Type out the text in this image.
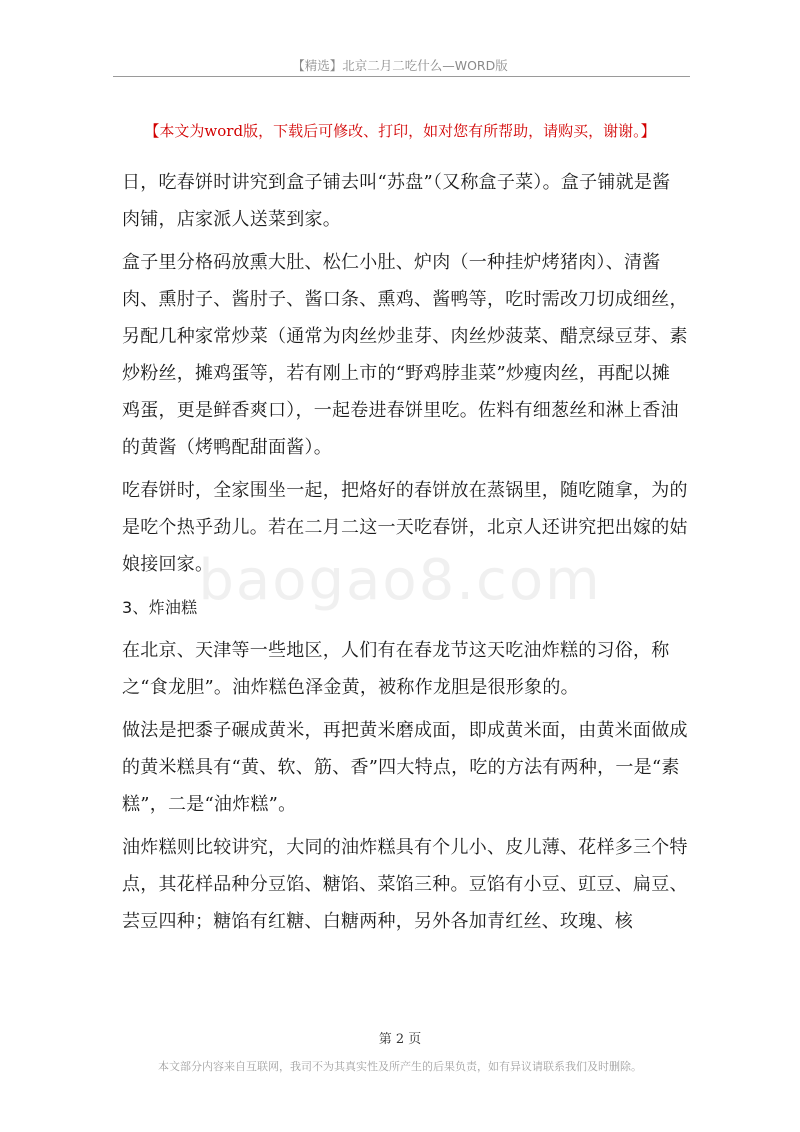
【精选】北京二月二吃什么—WORD版
【本文为word版，下载后可修改、打印，如对您有所帮助，请购买，谢谢。】
baogao8.com

日，吃春饼时讲究到盒子铺去叫“苏盘”（又称盒子菜）。盒子铺就是酱肉铺，店家派人送菜到家。

盒子里分格码放熏大肚、松仁小肚、炉肉（一种挂炉烤猪肉）、清酱肉、熏肘子、酱肘子、酱口条、熏鸡、酱鸭等，吃时需改刀切成细丝，另配几种家常炒菜（通常为肉丝炒韭芽、肉丝炒菠菜、醋烹绿豆芽、素炒粉丝，摊鸡蛋等，若有刚上市的“野鸡脖韭菜”炒瘦肉丝，再配以摊鸡蛋，更是鲜香爽口），一起卷进春饼里吃。佐料有细葱丝和淋上香油的黄酱（烤鸭配甜面酱）。

吃春饼时，全家围坐一起，把烙好的春饼放在蒸锅里，随吃随拿，为的是吃个热乎劲儿。若在二月二这一天吃春饼，北京人还讲究把出嫁的姑娘接回家。

3、炸油糕

在北京、天津等一些地区，人们有在春龙节这天吃油炸糕的习俗，称之“食龙胆”。油炸糕色泽金黄，被称作龙胆是很形象的。

做法是把黍子碾成黄米，再把黄米磨成面，即成黄米面，由黄米面做成的黄米糕具有“黄、软、筋、香”四大特点，吃的方法有两种，一是“素糕”，二是“油炸糕”。

油炸糕则比较讲究，大同的油炸糕具有个儿小、皮儿薄、花样多三个特点，其花样品种分豆馅、糖馅、菜馅三种。豆馅有小豆、豇豆、扁豆、芸豆四种；糖馅有红糖、白糖两种，另外各加青红丝、玫瑰、核

第 2 页
本文部分内容来自互联网，我司不为其真实性及所产生的后果负责，如有异议请联系我们及时删除。
